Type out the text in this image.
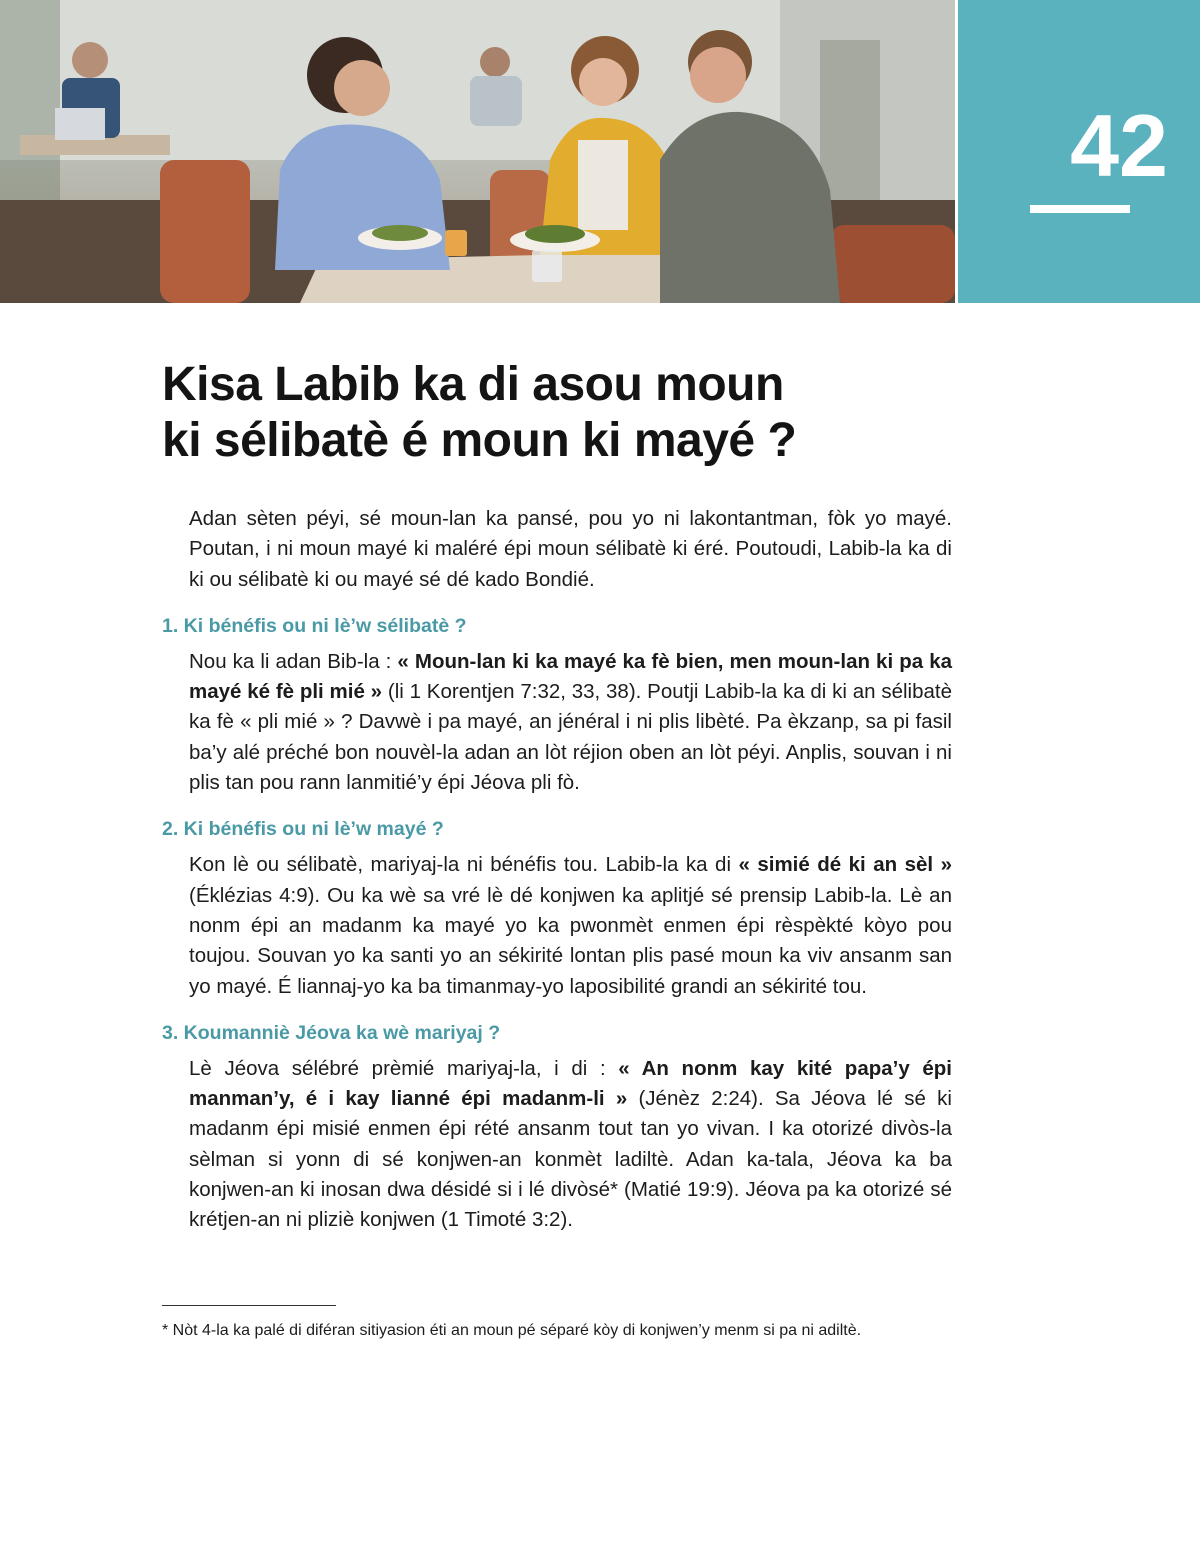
42
Kisa Labib ka di asou moun
ki sélibatè é moun ki mayé ?

Adan sèten péyi, sé moun-lan ka pansé, pou yo ni lakontantman, fòk yo mayé. Poutan, i ni moun mayé ki maléré épi moun sélibatè ki éré. Poutoudi, Labib-la ka di ki ou sélibatè ki ou mayé sé dé kado Bondié.

1. Ki bénéfis ou ni lè’w sélibatè ?

Nou ka li adan Bib-la : « Moun-lan ki ka mayé ka fè bien, men moun-lan ki pa ka mayé ké fè pli mié » (li 1 Korentjen 7:32, 33, 38). Poutji Labib-la ka di ki an sélibatè ka fè « pli mié » ? Davwè i pa mayé, an jénéral i ni plis libèté. Pa èkzanp, sa pi fasil ba’y alé préché bon nouvèl-la adan an lòt réjion oben an lòt péyi. Anplis, souvan i ni plis tan pou rann lanmitié’y épi Jéova pli fò.

2. Ki bénéfis ou ni lè’w mayé ?

Kon lè ou sélibatè, mariyaj-la ni bénéfis tou. Labib-la ka di « simié dé ki an sèl » (Éklézias 4:9). Ou ka wè sa vré lè dé konjwen ka aplitjé sé prensip Labib-la. Lè an nonm épi an madanm ka mayé yo ka pwonmèt enmen épi rèspèkté kòyo pou toujou. Souvan yo ka santi yo an sékirité lontan plis pasé moun ka viv ansanm san yo mayé. É liannaj-yo ka ba timanmay-yo laposibilité grandi an sékirité tou.

3. Koumanniè Jéova ka wè mariyaj ?

Lè Jéova sélébré prèmié mariyaj-la, i di : « An nonm kay kité papa’y épi manman’y, é i kay lianné épi madanm-li » (Jénèz 2:24). Sa Jéova lé sé ki madanm épi misié enmen épi rété ansanm tout tan yo vivan. I ka otorizé divòs-la sèlman si yonn di sé konjwen-an konmèt ladiltè. Adan ka-tala, Jéova ka ba konjwen-an ki inosan dwa désidé si i lé divòsé* (Matié 19:9). Jéova pa ka otorizé sé krétjen-an ni pliziè konjwen (1 Timoté 3:2).

* Nòt 4-la ka palé di diféran sitiyasion éti an moun pé séparé kòy di konjwen’y menm si pa ni adiltè.
